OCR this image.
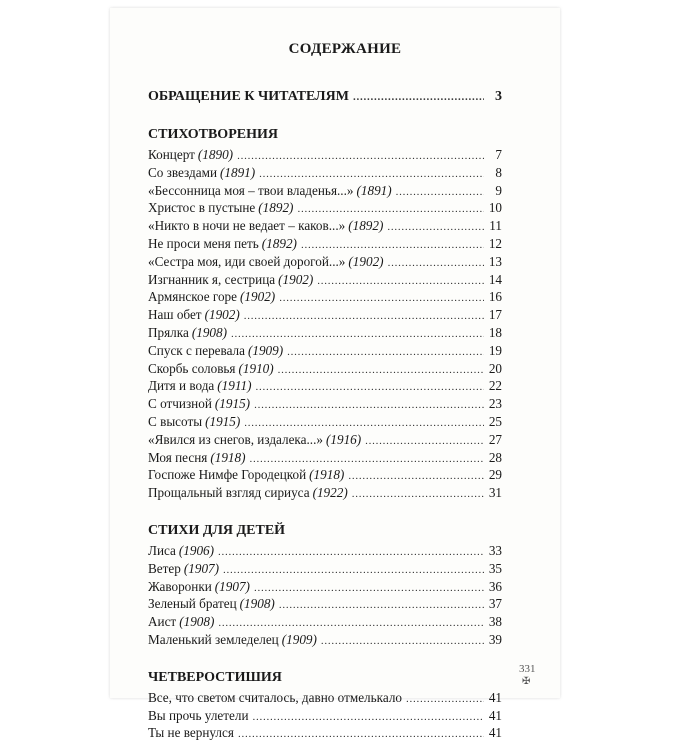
СОДЕРЖАНИЕ
ОБРАЩЕНИЕ К ЧИТАТЕЛЯМ . . .	3
СТИХОТВОРЕНИЯ
Концерт (1890) . . .	7
Со звездами (1891) . . .	8
«Бессонница моя – твои владенья...» (1891) . . .	9
Христос в пустыне (1892) . . .	10
«Никто в ночи не ведает – каков...» (1892) . . .	11
Не проси меня петь (1892) . . .	12
«Сестра моя, иди своей дорогой...» (1902) . . .	13
Изгнанник я, сестрица (1902) . . .	14
Армянское горе (1902) . . .	16
Наш обет (1902) . . .	17
Прялка (1908) . . .	18
Спуск с перевала (1909) . . .	19
Скорбь соловья (1910) . . .	20
Дитя и вода (1911) . . .	22
С отчизной (1915) . . .	23
С высоты (1915) . . .	25
«Явился из снегов, издалека...» (1916) . . .	27
Моя песня (1918) . . .	28
Госпоже Нимфе Городецкой (1918) . . .	29
Прощальный взгляд сириуса (1922) . . .	31
СТИХИ ДЛЯ ДЕТЕЙ
Лиса (1906) . . .	33
Ветер (1907) . . .	35
Жаворонки (1907) . . .	36
Зеленый братец (1908) . . .	37
Аист (1908) . . .	38
Маленький земледелец (1909) . . .	39
ЧЕТВЕРОСТИШИЯ
Все, что светом считалось, давно отмелькало . . .	41
Вы прочь улетели . . .	41
Ты не вернулся . . .	41
331
✠
